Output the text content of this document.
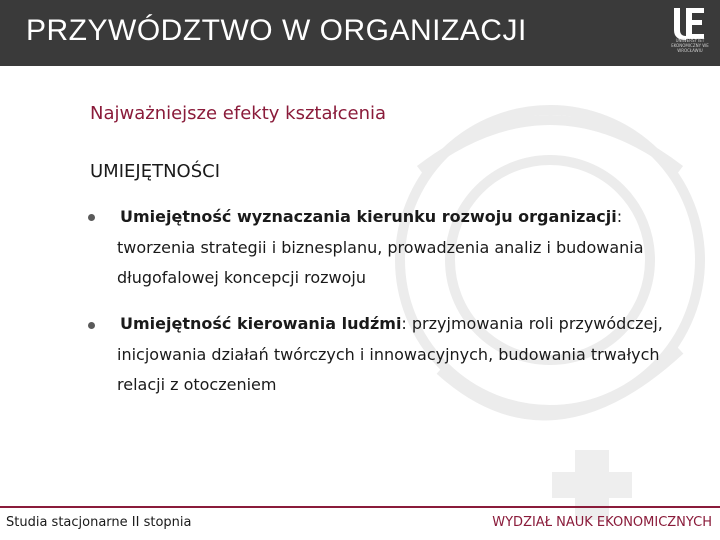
PRZYWÓDZTWO W ORGANIZACJI	UNIWERSYTET EKONOMICZNY WE WROCŁAWIU
Najważniejsze efekty kształcenia
UMIEJĘTNOŚCI
Umiejętność wyznaczania kierunku rozwoju organizacji: tworzenia strategii i biznesplanu, prowadzenia analiz i budowania długofalowej koncepcji rozwoju
Umiejętność kierowania ludźmi: przyjmowania roli przywódczej, inicjowania działań twórczych i innowacyjnych, budowania trwałych relacji z otoczeniem
Studia stacjonarne II stopnia	WYDZIAŁ NAUK EKONOMICZNYCH
